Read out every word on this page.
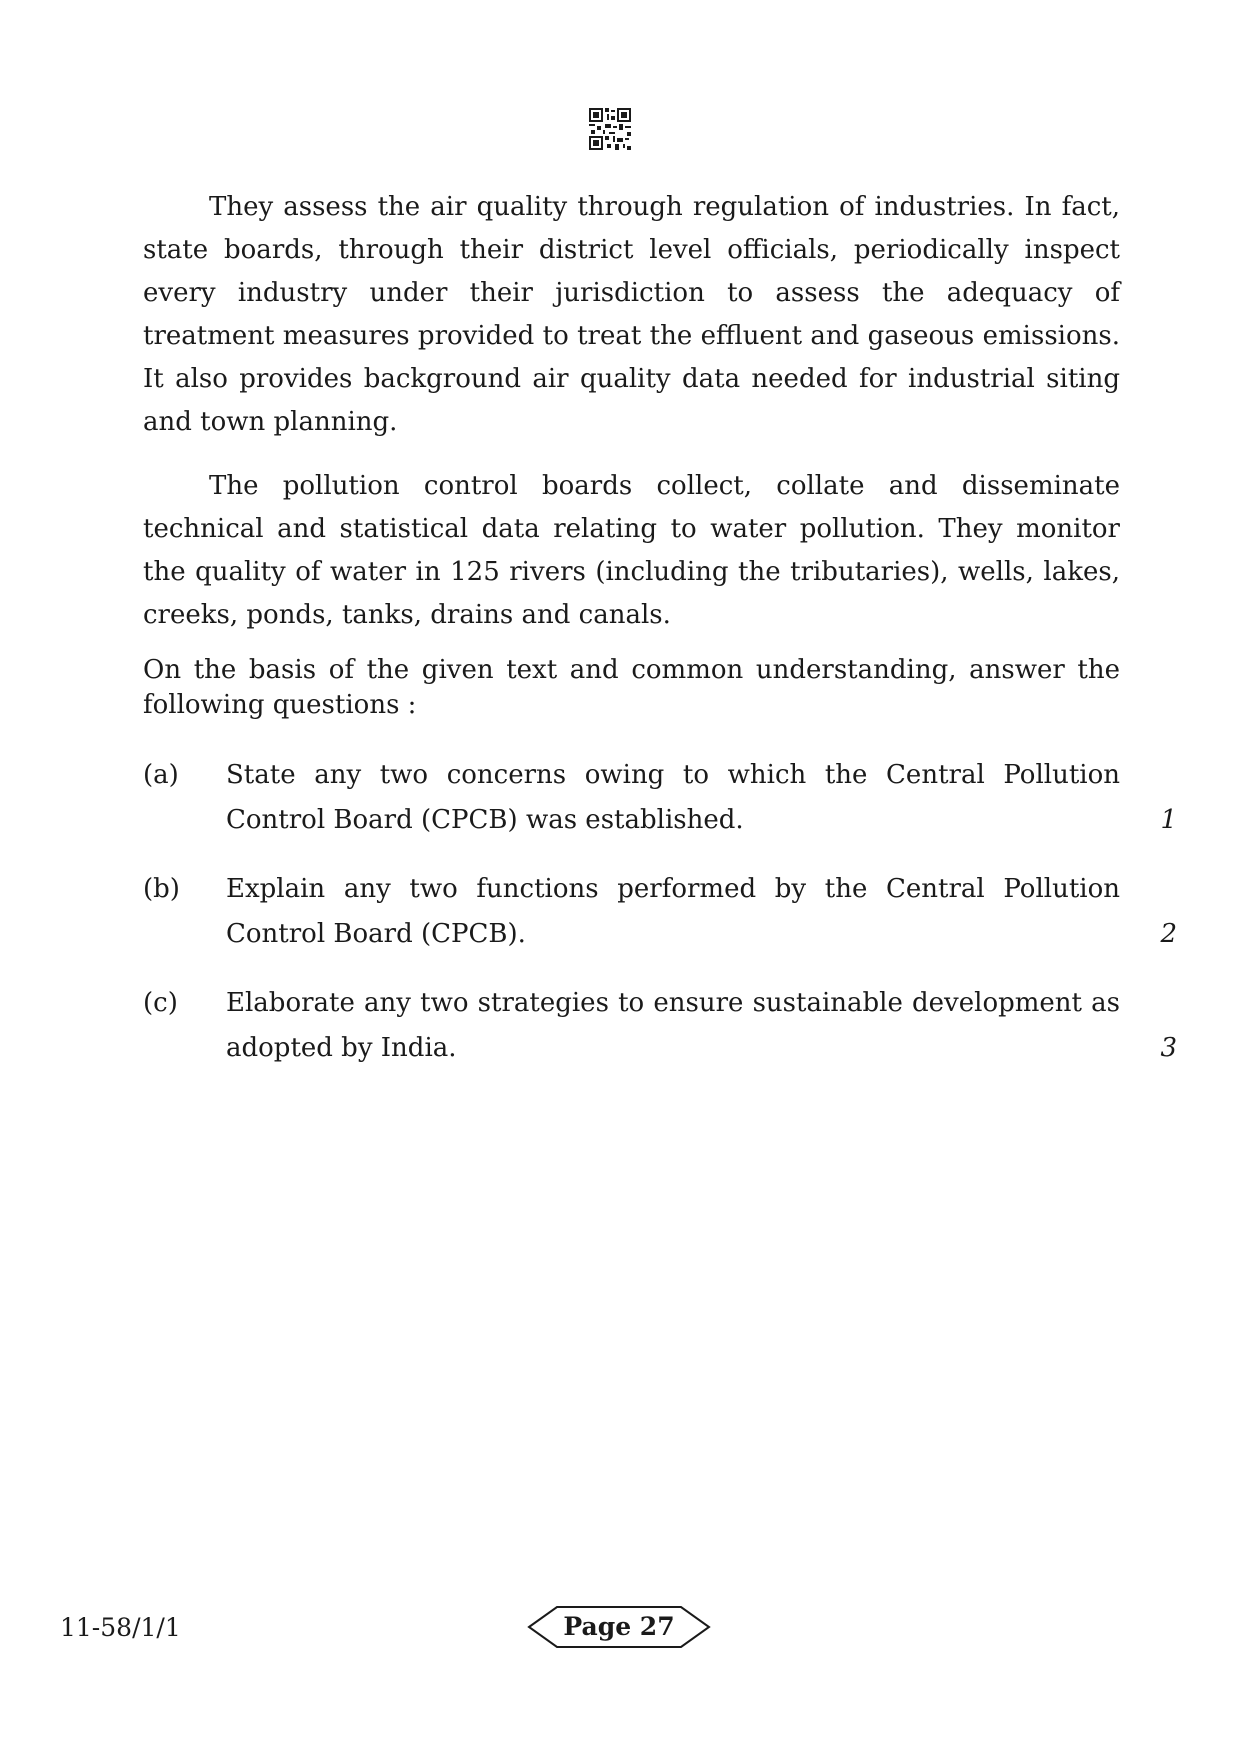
They assess the air quality through regulation of industries. In fact, state boards, through their district level officials, periodically inspect every industry under their jurisdiction to assess the adequacy of treatment measures provided to treat the effluent and gaseous emissions. It also provides background air quality data needed for industrial siting and town planning.

The pollution control boards collect, collate and disseminate technical and statistical data relating to water pollution. They monitor the quality of water in 125 rivers (including the tributaries), wells, lakes, creeks, ponds, tanks, drains and canals.

On the basis of the given text and common understanding, answer the following questions :

(a) State any two concerns owing to which the Central Pollution Control Board (CPCB) was established.	1
(b) Explain any two functions performed by the Central Pollution Control Board (CPCB).	2
(c) Elaborate any two strategies to ensure sustainable development as adopted by India.	3
11-58/1/1	Page 27
